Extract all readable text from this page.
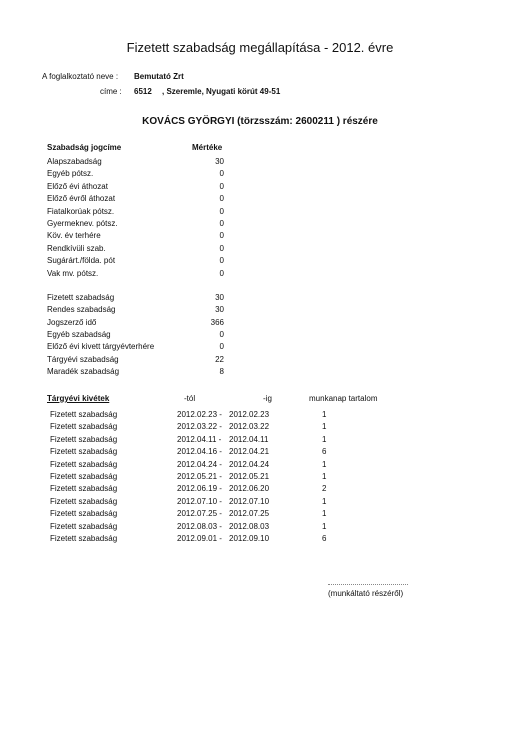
Fizetett szabadság megállapítása - 2012. évre
A foglalkoztató neve : Bemutató Zrt
címe : 6512 , Szeremle, Nyugati körút 49-51
KOVÁCS GYÖRGYI (törzsszám: 2600211 ) részére
Szabadság jogcíme	Mértéke
Alapszabadság	30
Egyéb pótsz.	0
Előző évi áthozat	0
Előző évről áthozat	0
Fiatalkorúak pótsz.	0
Gyermeknev. pótsz.	0
Köv. év terhére	0
Rendkívüli szab.	0
Sugárárt./földa. pót	0
Vak mv. pótsz.	0
Fizetett szabadság	30
Rendes szabadság	30
Jogszerző idő	366
Egyéb szabadság	0
Előző évi kivett tárgyévterhére	0
Tárgyévi szabadság	22
Maradék szabadság	8
Tárgyévi kivétek	-tól	-ig	munkanap tartalom
Fizetett szabadság	2012.02.23 - 2012.02.23	1
Fizetett szabadság	2012.03.22 - 2012.03.22	1
Fizetett szabadság	2012.04.11 - 2012.04.11	1
Fizetett szabadság	2012.04.16 - 2012.04.21	6
Fizetett szabadság	2012.04.24 - 2012.04.24	1
Fizetett szabadság	2012.05.21 - 2012.05.21	1
Fizetett szabadság	2012.06.19 - 2012.06.20	2
Fizetett szabadság	2012.07.10 - 2012.07.10	1
Fizetett szabadság	2012.07.25 - 2012.07.25	1
Fizetett szabadság	2012.08.03 - 2012.08.03	1
Fizetett szabadság	2012.09.01 - 2012.09.10	6
(munkáltató részéről)
